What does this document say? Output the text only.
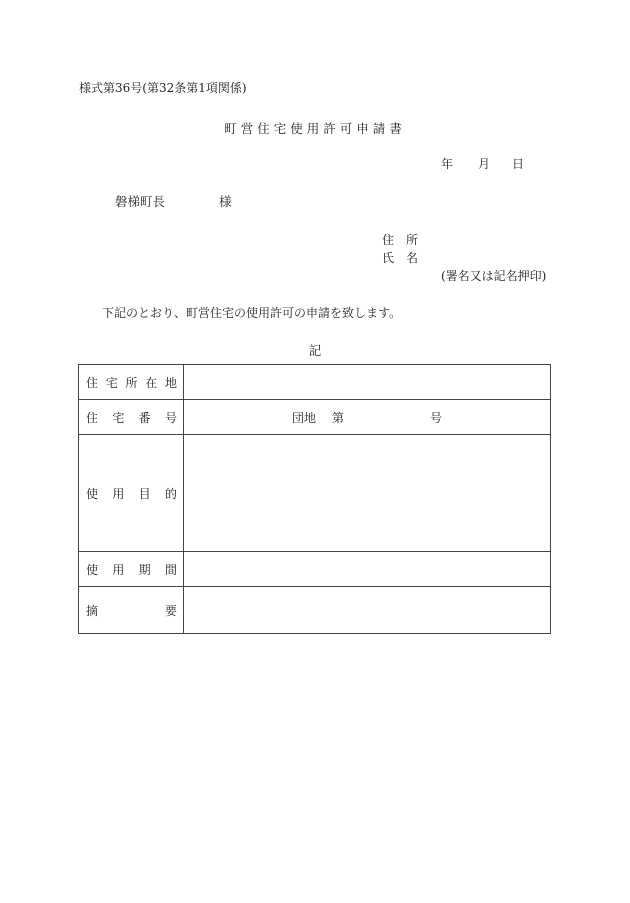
様式第36号(第32条第1項関係)
町営住宅使用許可申請書
年 月 日
磐梯町長	様
住　所
氏　名
(署名又は記名押印)
下記のとおり、町営住宅の使用許可の申請を致します。
記
住 宅 所 在 地	

住 宅 番 号	団地 第 号

使 用 目 的	

使 用 期 間	

摘 要	
